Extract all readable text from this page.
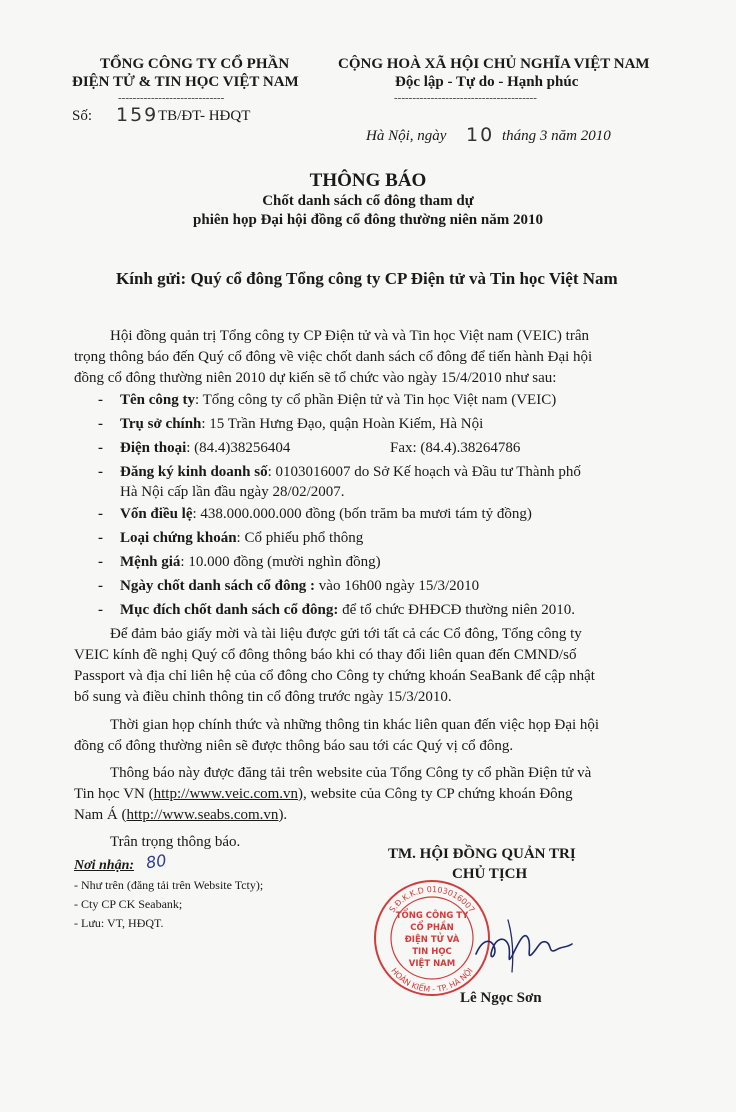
TỔNG CÔNG TY CỔ PHẦN
ĐIỆN TỬ & TIN HỌC VIỆT NAM
-----------------------------
Số: 159 TB/ĐT- HĐQT
CỘNG HOÀ XÃ HỘI CHỦ NGHĨA VIỆT NAM
Độc lập - Tự do - Hạnh phúc
---------------------------------------
Hà Nội, ngày 10 tháng 3 năm 2010
THÔNG BÁO
Chốt danh sách cổ đông tham dự
phiên họp Đại hội đồng cổ đông thường niên năm 2010
Kính gửi: Quý cổ đông Tổng công ty CP Điện tử và Tin học Việt Nam
Hội đồng quản trị Tổng công ty CP Điện tử và và Tin học Việt nam (VEIC) trân
trọng thông báo đến Quý cổ đông về việc chốt danh sách cổ đông để tiến hành Đại hội
đồng cổ đông thường niên 2010 dự kiến sẽ tổ chức vào ngày 15/4/2010 như sau:
- Tên công ty: Tổng công ty cổ phần Điện tử và Tin học Việt nam (VEIC)
- Trụ sở chính: 15 Trần Hưng Đạo, quận Hoàn Kiếm, Hà Nội
- Điện thoại: (84.4)38256404	Fax: (84.4).38264786
- Đăng ký kinh doanh số: 0103016007 do Sở Kế hoạch và Đầu tư Thành phố
Hà Nội cấp lần đầu ngày 28/02/2007.
- Vốn điều lệ: 438.000.000.000 đồng (bốn trăm ba mươi tám tỷ đồng)
- Loại chứng khoán: Cổ phiếu phổ thông
- Mệnh giá: 10.000 đồng (mười nghìn đồng)
- Ngày chốt danh sách cổ đông : vào 16h00 ngày 15/3/2010
- Mục đích chốt danh sách cổ đông: để tổ chức ĐHĐCĐ thường niên 2010.
Để đảm bảo giấy mời và tài liệu được gửi tới tất cả các Cổ đông, Tổng công ty
VEIC kính đề nghị Quý cổ đông thông báo khi có thay đổi liên quan đến CMND/số
Passport và địa chỉ liên hệ của cổ đông cho Công ty chứng khoán SeaBank để cập nhật
bổ sung và điều chỉnh thông tin cổ đông trước ngày 15/3/2010.
Thời gian họp chính thức và những thông tin khác liên quan đến việc họp Đại hội
đồng cổ đông thường niên sẽ được thông báo sau tới các Quý vị cổ đông.
Thông báo này được đăng tải trên website của Tổng Công ty cổ phần Điện tử và
Tin học VN (http://www.veic.com.vn), website của Công ty CP chứng khoán Đông
Nam Á (http://www.seabs.com.vn).
Trân trọng thông báo.
Nơi nhận: 80
- Như trên (đăng tải trên Website Tcty);
- Cty CP CK Seabank;
- Lưu: VT, HĐQT.
TM. HỘI ĐỒNG QUẢN TRỊ
CHỦ TỊCH
S.Đ.K.K.D 0103016007
HOÀN KIẾM - TP. HÀ NỘI
TỔNG CÔNG TY
CỔ PHẦN
ĐIỆN TỬ VÀ
TIN HỌC
VIỆT NAM
Lê Ngọc Sơn
